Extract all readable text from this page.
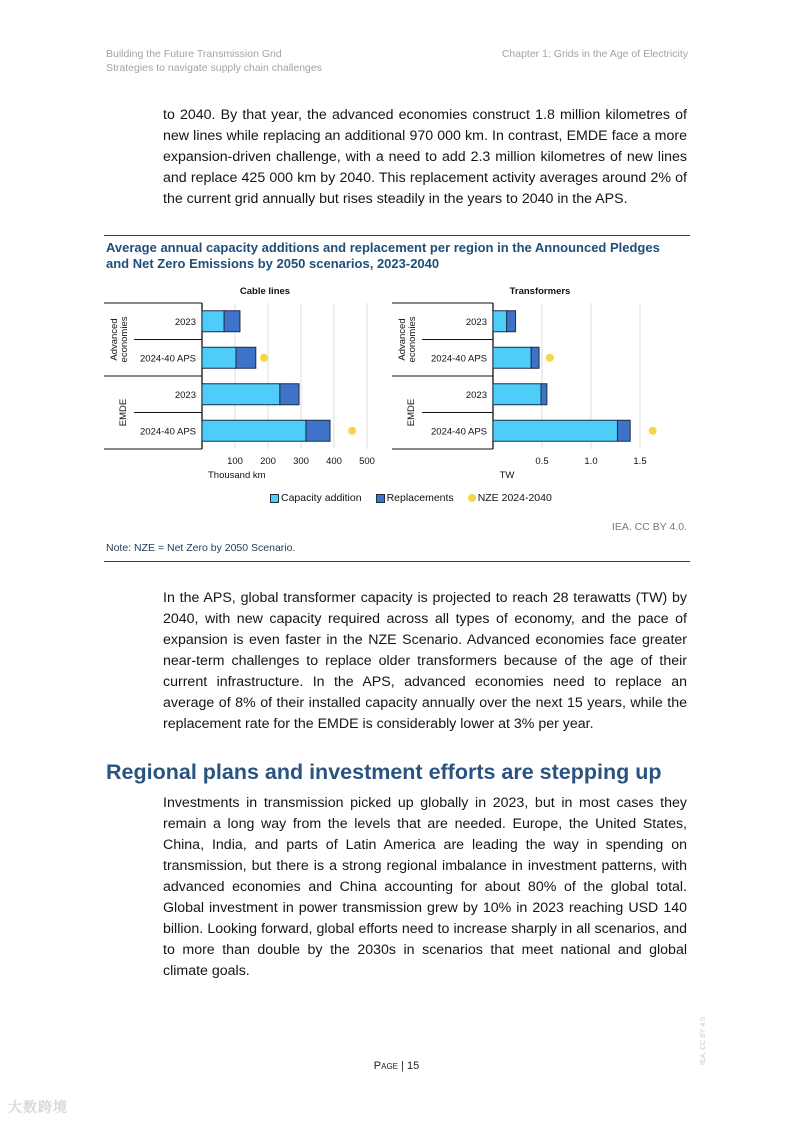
Building the Future Transmission Grid
Strategies to navigate supply chain challenges
Chapter 1: Grids in the Age of Electricity
to 2040. By that year, the advanced economies construct 1.8 million kilometres of new lines while replacing an additional 970 000 km. In contrast, EMDE face a more expansion-driven challenge, with a need to add 2.3 million kilometres of new lines and replace 425 000 km by 2040. This replacement activity averages around 2% of the current grid annually but rises steadily in the years to 2040 in the APS.
Average annual capacity additions and replacement per region in the Announced Pledges and Net Zero Emissions by 2050 scenarios, 2023-2040
Cable lines
100 200 300 400 500
Thousand km
Advancedeconomies
EMDE
2023
2024-40 APS
2023
2024-40 APS
Transformers
0.5	1.0	1.5
TW
Advancedeconomies
EMDE
2023
2024-40 APS
2023
2024-40 APS
Capacity addition Replacements NZE 2024-2040
IEA. CC BY 4.0.
Note: NZE = Net Zero by 2050 Scenario.
In the APS, global transformer capacity is projected to reach 28 terawatts (TW) by 2040, with new capacity required across all types of economy, and the pace of expansion is even faster in the NZE Scenario. Advanced economies face greater near-term challenges to replace older transformers because of the age of their current infrastructure. In the APS, advanced economies need to replace an average of 8% of their installed capacity annually over the next 15 years, while the replacement rate for the EMDE is considerably lower at 3% per year.
Regional plans and investment efforts are stepping up
Investments in transmission picked up globally in 2023, but in most cases they remain a long way from the levels that are needed. Europe, the United States, China, India, and parts of Latin America are leading the way in spending on transmission, but there is a strong regional imbalance in investment patterns, with advanced economies and China accounting for about 80% of the global total. Global investment in power transmission grew by 10% in 2023 reaching USD 140 billion. Looking forward, global efforts need to increase sharply in all scenarios, and to more than double by the 2030s in scenarios that meet national and global climate goals.
Page | 15
IEA. CC BY 4.0.
大数跨境
